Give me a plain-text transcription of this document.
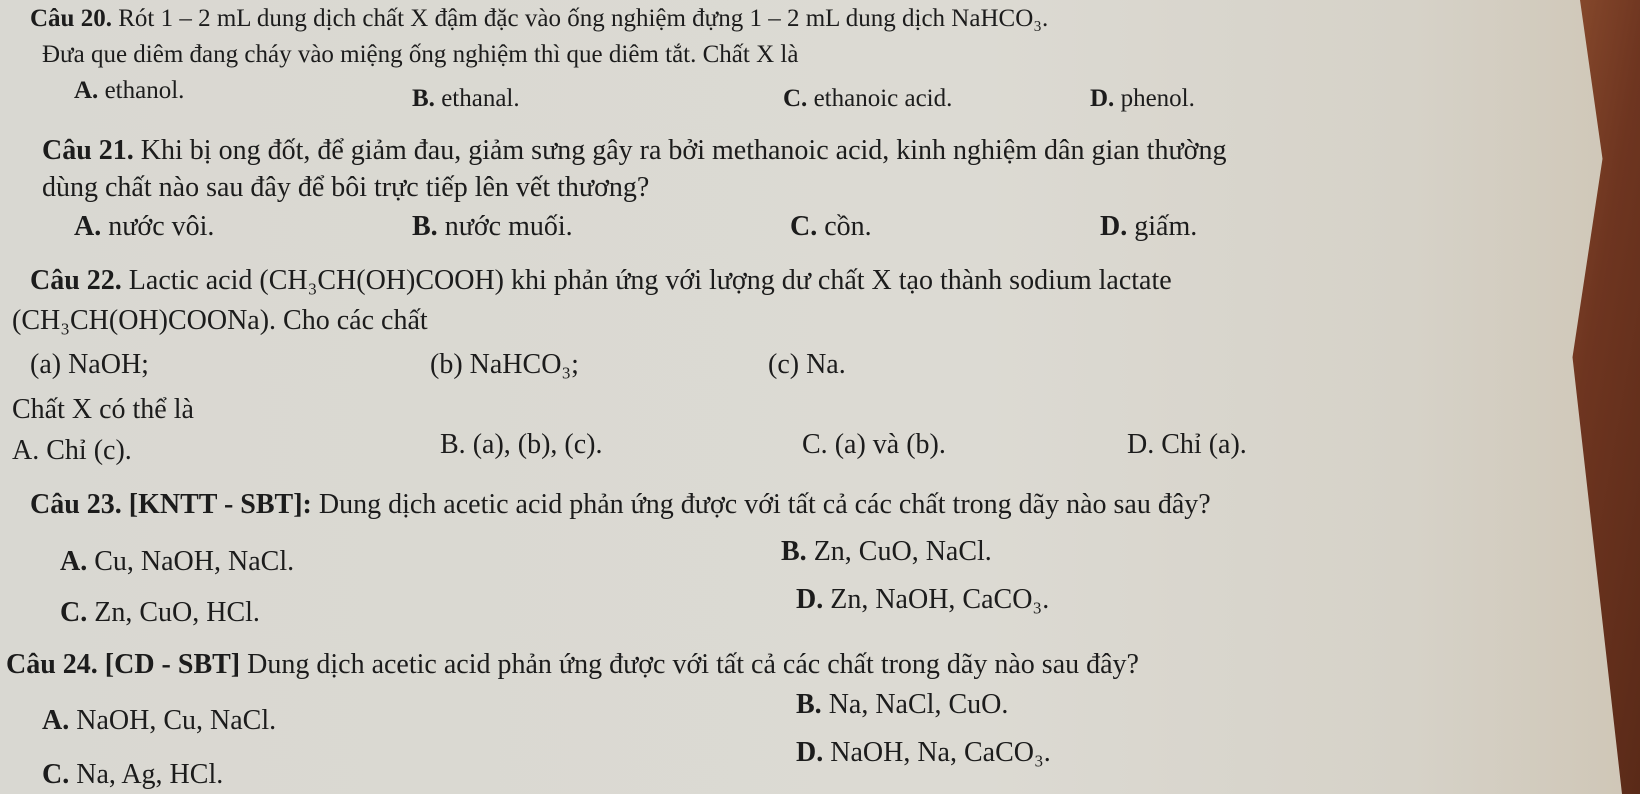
Câu 20. Rót 1 – 2 mL dung dịch chất X đậm đặc vào ống nghiệm đựng 1 – 2 mL dung dịch NaHCO₃.
Đưa que diêm đang cháy vào miệng ống nghiệm thì que diêm tắt. Chất X là
A. ethanol.	B. ethanal.	C. ethanoic acid.	D. phenol.
Câu 21. Khi bị ong đốt, để giảm đau, giảm sưng gây ra bởi methanoic acid, kinh nghiệm dân gian thường
dùng chất nào sau đây để bôi trực tiếp lên vết thương?
A. nước vôi.	B. nước muối.	C. cồn.	D. giấm.
Câu 22. Lactic acid (CH₃CH(OH)COOH) khi phản ứng với lượng dư chất X tạo thành sodium lactate
(CH₃CH(OH)COONa). Cho các chất
(a) NaOH;	(b) NaHCO₃;	(c) Na.
Chất X có thể là
A. Chỉ (c).	B. (a), (b), (c).	C. (a) và (b).	D. Chỉ (a).
Câu 23. [KNTT - SBT]: Dung dịch acetic acid phản ứng được với tất cả các chất trong dãy nào sau đây?
A. Cu, NaOH, NaCl.	B. Zn, CuO, NaCl.
C. Zn, CuO, HCl.	D. Zn, NaOH, CaCO₃.
Câu 24. [CD - SBT] Dung dịch acetic acid phản ứng được với tất cả các chất trong dãy nào sau đây?
A. NaOH, Cu, NaCl.
B. Na, NaCl, CuO.
C. Na, Ag, HCl.
D. NaOH, Na, CaCO₃.
